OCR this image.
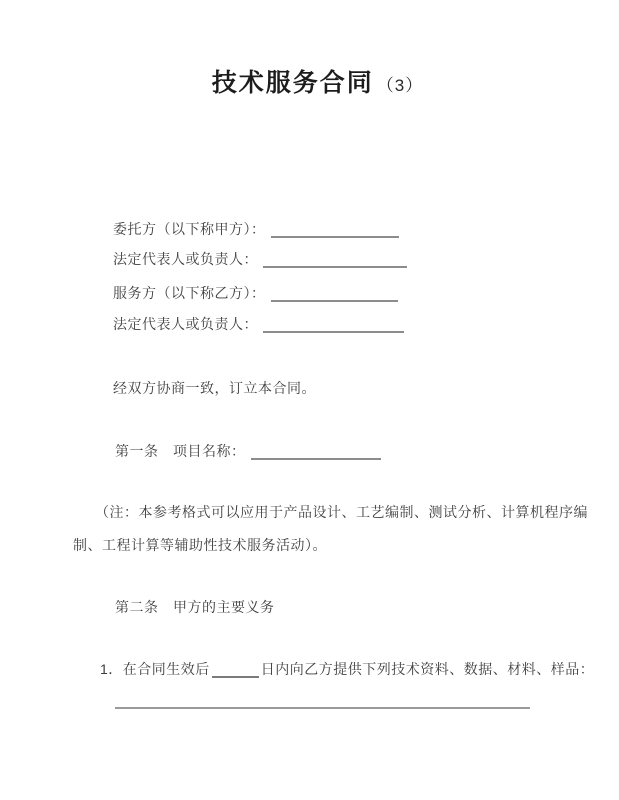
技术服务合同 （3）
委托方（以下称甲方）：
法定代表人或负责人：
服务方（以下称乙方）：
法定代表人或负责人：
经双方协商一致，订立本合同。
第一条　项目名称：
（注：本参考格式可以应用于产品设计、工艺编制、测试分析、计算机程序编
制、工程计算等辅助性技术服务活动）。
第二条　甲方的主要义务
1．在合同生效后	日内向乙方提供下列技术资料、数据、材料、样品：
